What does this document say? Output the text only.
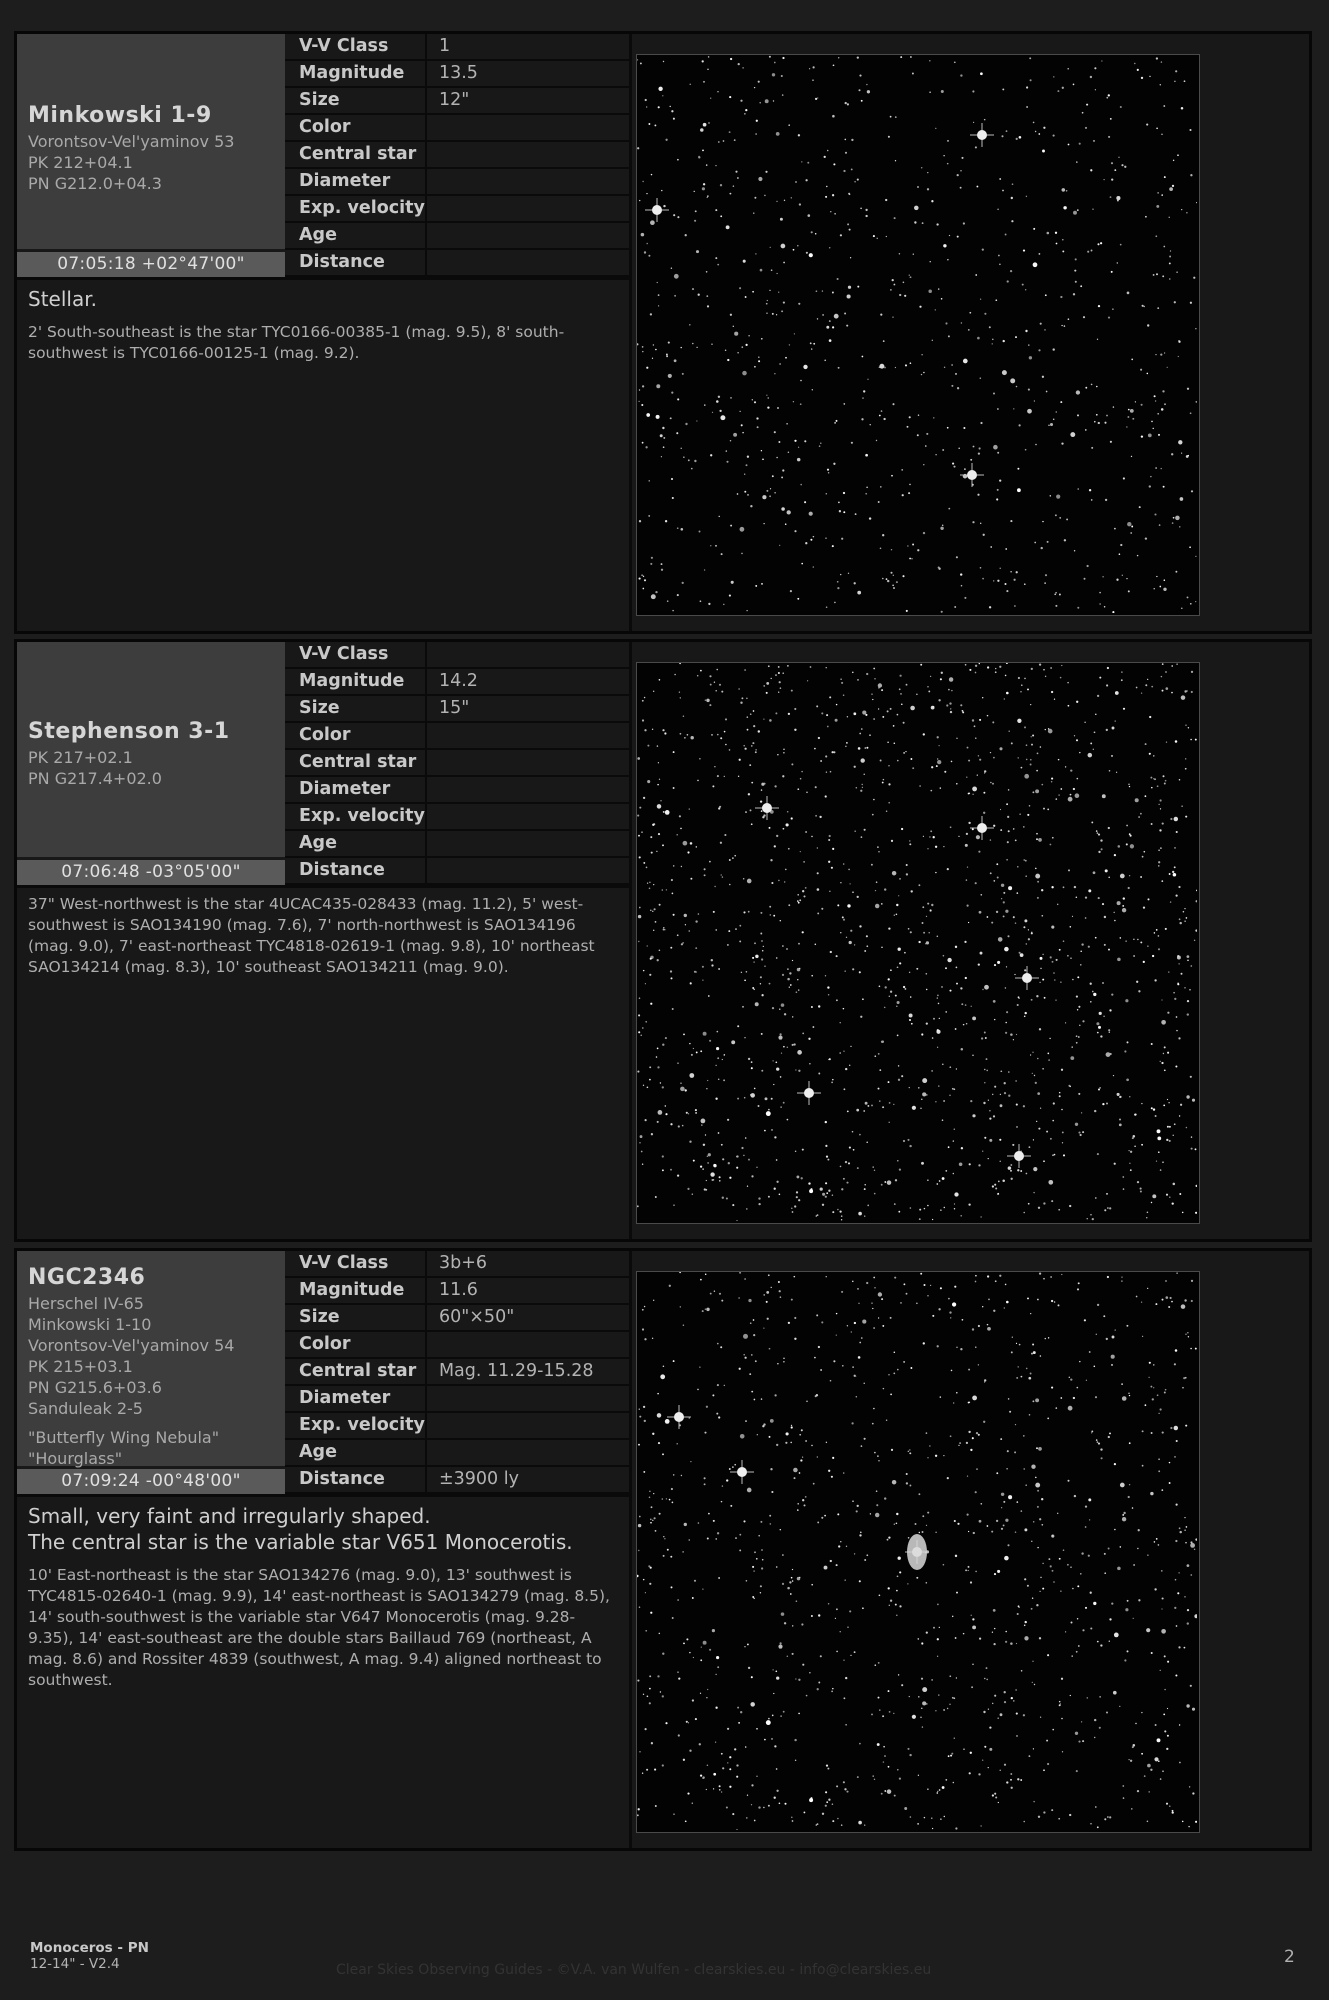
Minkowski 1-9
Vorontsov-Vel'yaminov 53
PK 212+04.1
PN G212.0+04.3
07:05:18 +02°47'00"
V-V Class	1
Magnitude	13.5
Size	12"
Color	
Central star	
Diameter	
Exp. velocity	
Age	
Distance	
Stellar.
2' South-southeast is the star TYC0166-00385-1 (mag. 9.5), 8' south-southwest is TYC0166-00125-1 (mag. 9.2).
Stephenson 3-1
PK 217+02.1
PN G217.4+02.0
07:06:48 -03°05'00"
V-V Class	
Magnitude	14.2
Size	15"
Color	
Central star	
Diameter	
Exp. velocity	
Age	
Distance	
37" West-northwest is the star 4UCAC435-028433 (mag. 11.2), 5' west-southwest is SAO134190 (mag. 7.6), 7' north-northwest is SAO134196 (mag. 9.0), 7' east-northeast TYC4818-02619-1 (mag. 9.8), 10' northeast SAO134214 (mag. 8.3), 10' southeast SAO134211 (mag. 9.0).
NGC2346
Herschel IV-65
Minkowski 1-10
Vorontsov-Vel'yaminov 54
PK 215+03.1
PN G215.6+03.6
Sanduleak 2-5
"Butterfly Wing Nebula"
"Hourglass"
07:09:24 -00°48'00"
V-V Class	3b+6
Magnitude	11.6
Size	60"×50"
Color	
Central star	Mag. 11.29-15.28
Diameter	
Exp. velocity	
Age	
Distance	±3900 ly
Small, very faint and irregularly shaped.
The central star is the variable star V651 Monocerotis.
10' East-northeast is the star SAO134276 (mag. 9.0), 13' southwest is TYC4815-02640-1 (mag. 9.9), 14' east-northeast is SAO134279 (mag. 8.5), 14' south-southwest is the variable star V647 Monocerotis (mag. 9.28-9.35), 14' east-southeast are the double stars Baillaud 769 (northeast, A mag. 8.6) and Rossiter 4839 (southwest, A mag. 9.4) aligned northeast to southwest.
Monoceros - PN
12-14" - V2.4	Clear Skies Observing Guides - ©V.A. van Wulfen - clearskies.eu - info@clearskies.eu
2
